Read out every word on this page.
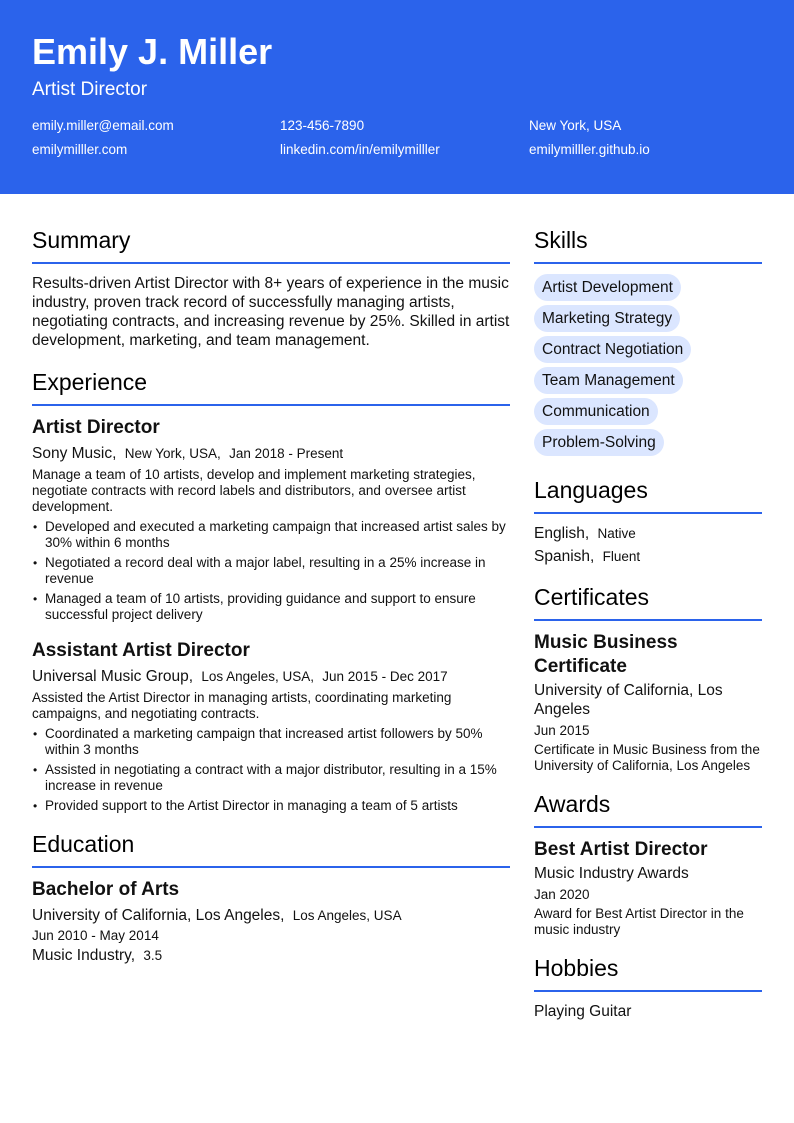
Emily J. Miller
Artist Director
emily.miller@email.com	123-456-7890	New York, USA
emilymilller.com	linkedin.com/in/emilymilller	emilymilller.github.io
Summary

Results-driven Artist Director with 8+ years of experience in the music industry, proven track record of successfully managing artists, negotiating contracts, and increasing revenue by 25%. Skilled in artist development, marketing, and team management.

Experience
Artist Director
Sony Music, New York, USA, Jan 2018 - Present
Manage a team of 10 artists, develop and implement marketing strategies, negotiate contracts with record labels and distributors, and oversee artist development.
• Developed and executed a marketing campaign that increased artist sales by 30% within 6 months
• Negotiated a record deal with a major label, resulting in a 25% increase in revenue
• Managed a team of 10 artists, providing guidance and support to ensure successful project delivery
Assistant Artist Director
Universal Music Group, Los Angeles, USA, Jun 2015 - Dec 2017
Assisted the Artist Director in managing artists, coordinating marketing campaigns, and negotiating contracts.
• Coordinated a marketing campaign that increased artist followers by 50% within 3 months
• Assisted in negotiating a contract with a major distributor, resulting in a 15% increase in revenue
• Provided support to the Artist Director in managing a team of 5 artists
Education
Bachelor of Arts
University of California, Los Angeles, Los Angeles, USA
Jun 2010 - May 2014
Music Industry, 3.5
Skills
Artist Development
Marketing Strategy
Contract Negotiation
Team Management
Communication
Problem-Solving
Languages
English, Native
Spanish, Fluent
Certificates
Music Business Certificate
University of California, Los Angeles
Jun 2015
Certificate in Music Business from the University of California, Los Angeles
Awards
Best Artist Director
Music Industry Awards
Jan 2020
Award for Best Artist Director in the music industry
Hobbies
Playing Guitar
